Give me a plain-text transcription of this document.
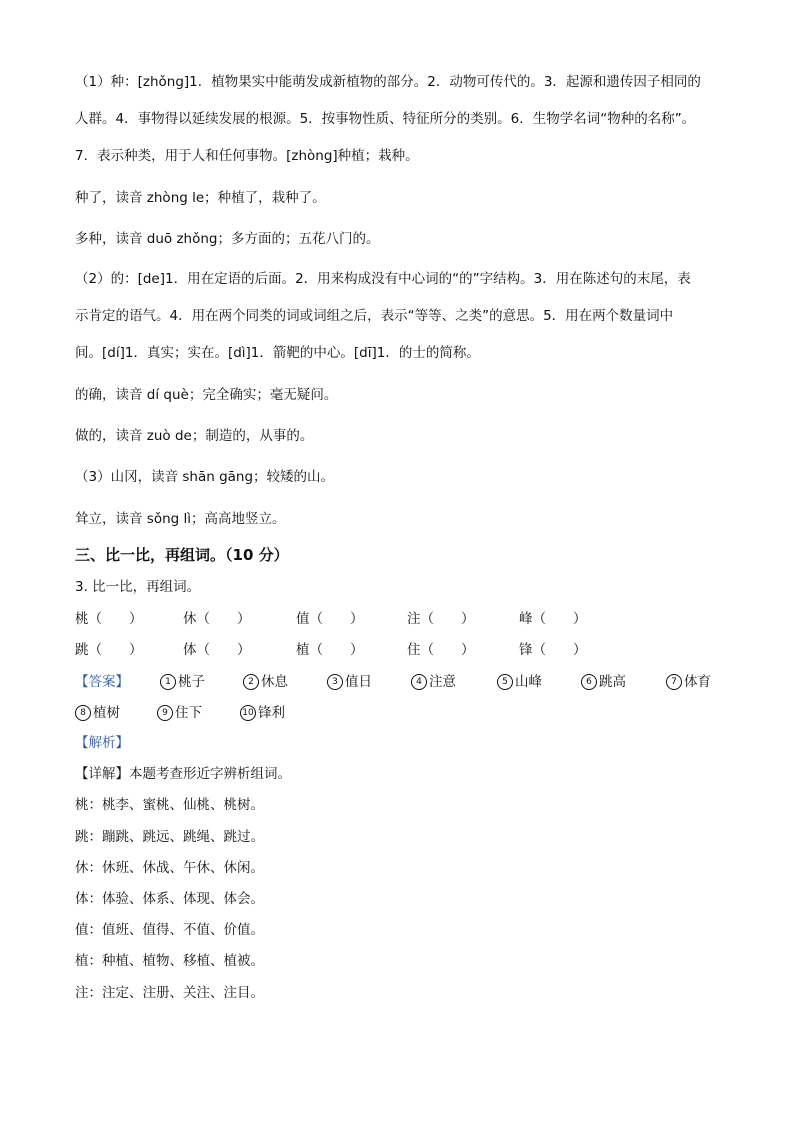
（1）种：[zhǒng]1．植物果实中能萌发成新植物的部分。2．动物可传代的。3．起源和遗传因子相同的
人群。4．事物得以延续发展的根源。5．按事物性质、特征所分的类别。6．生物学名词“物种的名称”。
7．表示种类，用于人和任何事物。[zhòng]种植；栽种。
种了，读音 zhòng le；种植了，栽种了。
多种，读音 duō zhǒng；多方面的；五花八门的。
（2）的：[de]1．用在定语的后面。2．用来构成没有中心词的“的”字结构。3．用在陈述句的末尾，表
示肯定的语气。4．用在两个同类的词或词组之后，表示“等等、之类”的意思。5．用在两个数量词中
间。[dí]1．真实；实在。[dì]1．箭靶的中心。[dī]1．的士的简称。
的确，读音 dí què；完全确实；毫无疑问。
做的，读音 zuò de；制造的，从事的。
（3）山冈，读音 shān gāng；较矮的山。
耸立，读音 sǒng lì；高高地竖立。
三、比一比，再组词。（10 分）
3. 比一比，再组词。
桃（　　）	休（　　）	值（　　）	注（　　）	峰（　　）
跳（　　）	体（　　）	植（　　）	住（　　）	锋（　　）
【答案】	1 桃子	2 休息	3 值日	4 注意	5 山峰	6 跳高	7 体育
8 植树	9 住下	10 锋利
【解析】
【详解】本题考查形近字辨析组词。
桃：桃李、蜜桃、仙桃、桃树。
跳：蹦跳、跳远、跳绳、跳过。
休：休班、休战、午休、休闲。
体：体验、体系、体现、体会。
值：值班、值得、不值、价值。
植：种植、植物、移植、植被。
注：注定、注册、关注、注目。
